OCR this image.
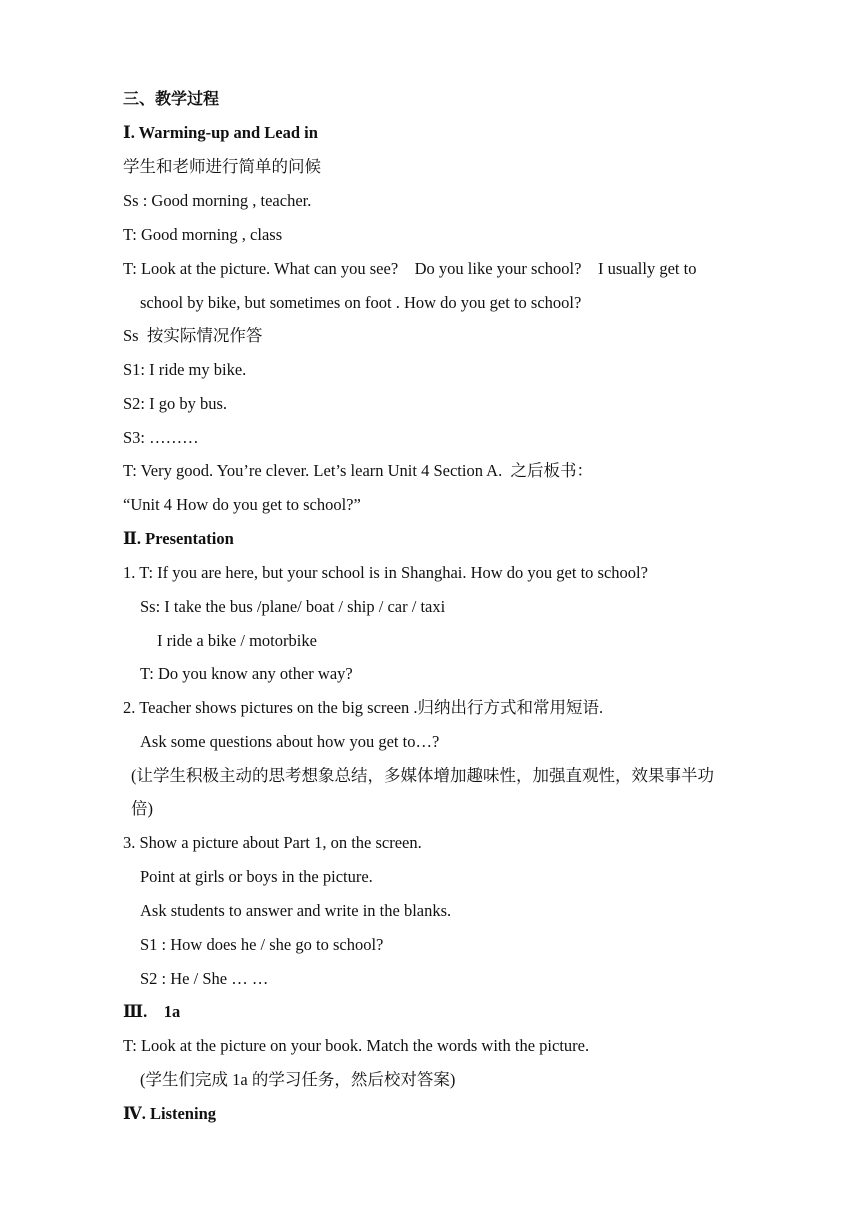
三、教学过程
Ⅰ. Warming-up and Lead in
学生和老师进行简单的问候
Ss : Good morning , teacher.
T: Good morning , class
T: Look at the picture. What can you see?    Do you like your school?    I usually get to
school by bike, but sometimes on foot . How do you get to school?
Ss  按实际情况作答
S1: I ride my bike.
S2: I go by bus.
S3: ………
T: Very good. You’re clever. Let’s learn Unit 4 Section A.  之后板书：
“Unit 4 How do you get to school?”
Ⅱ. Presentation
1. T: If you are here, but your school is in Shanghai. How do you get to school?
Ss: I take the bus /plane/ boat / ship / car / taxi
I ride a bike / motorbike
T: Do you know any other way?
2. Teacher shows pictures on the big screen .归纳出行方式和常用短语.
Ask some questions about how you get to…?
(让学生积极主动的思考想象总结，多媒体增加趣味性，加强直观性，效果事半功
倍)
3. Show a picture about Part 1, on the screen.
Point at girls or boys in the picture.
Ask students to answer and write in the blanks.
S1 : How does he / she go to school?
S2 : He / She … …
Ⅲ.    1a
T: Look at the picture on your book. Match the words with the picture.
(学生们完成 1a 的学习任务，然后校对答案)
Ⅳ. Listening
